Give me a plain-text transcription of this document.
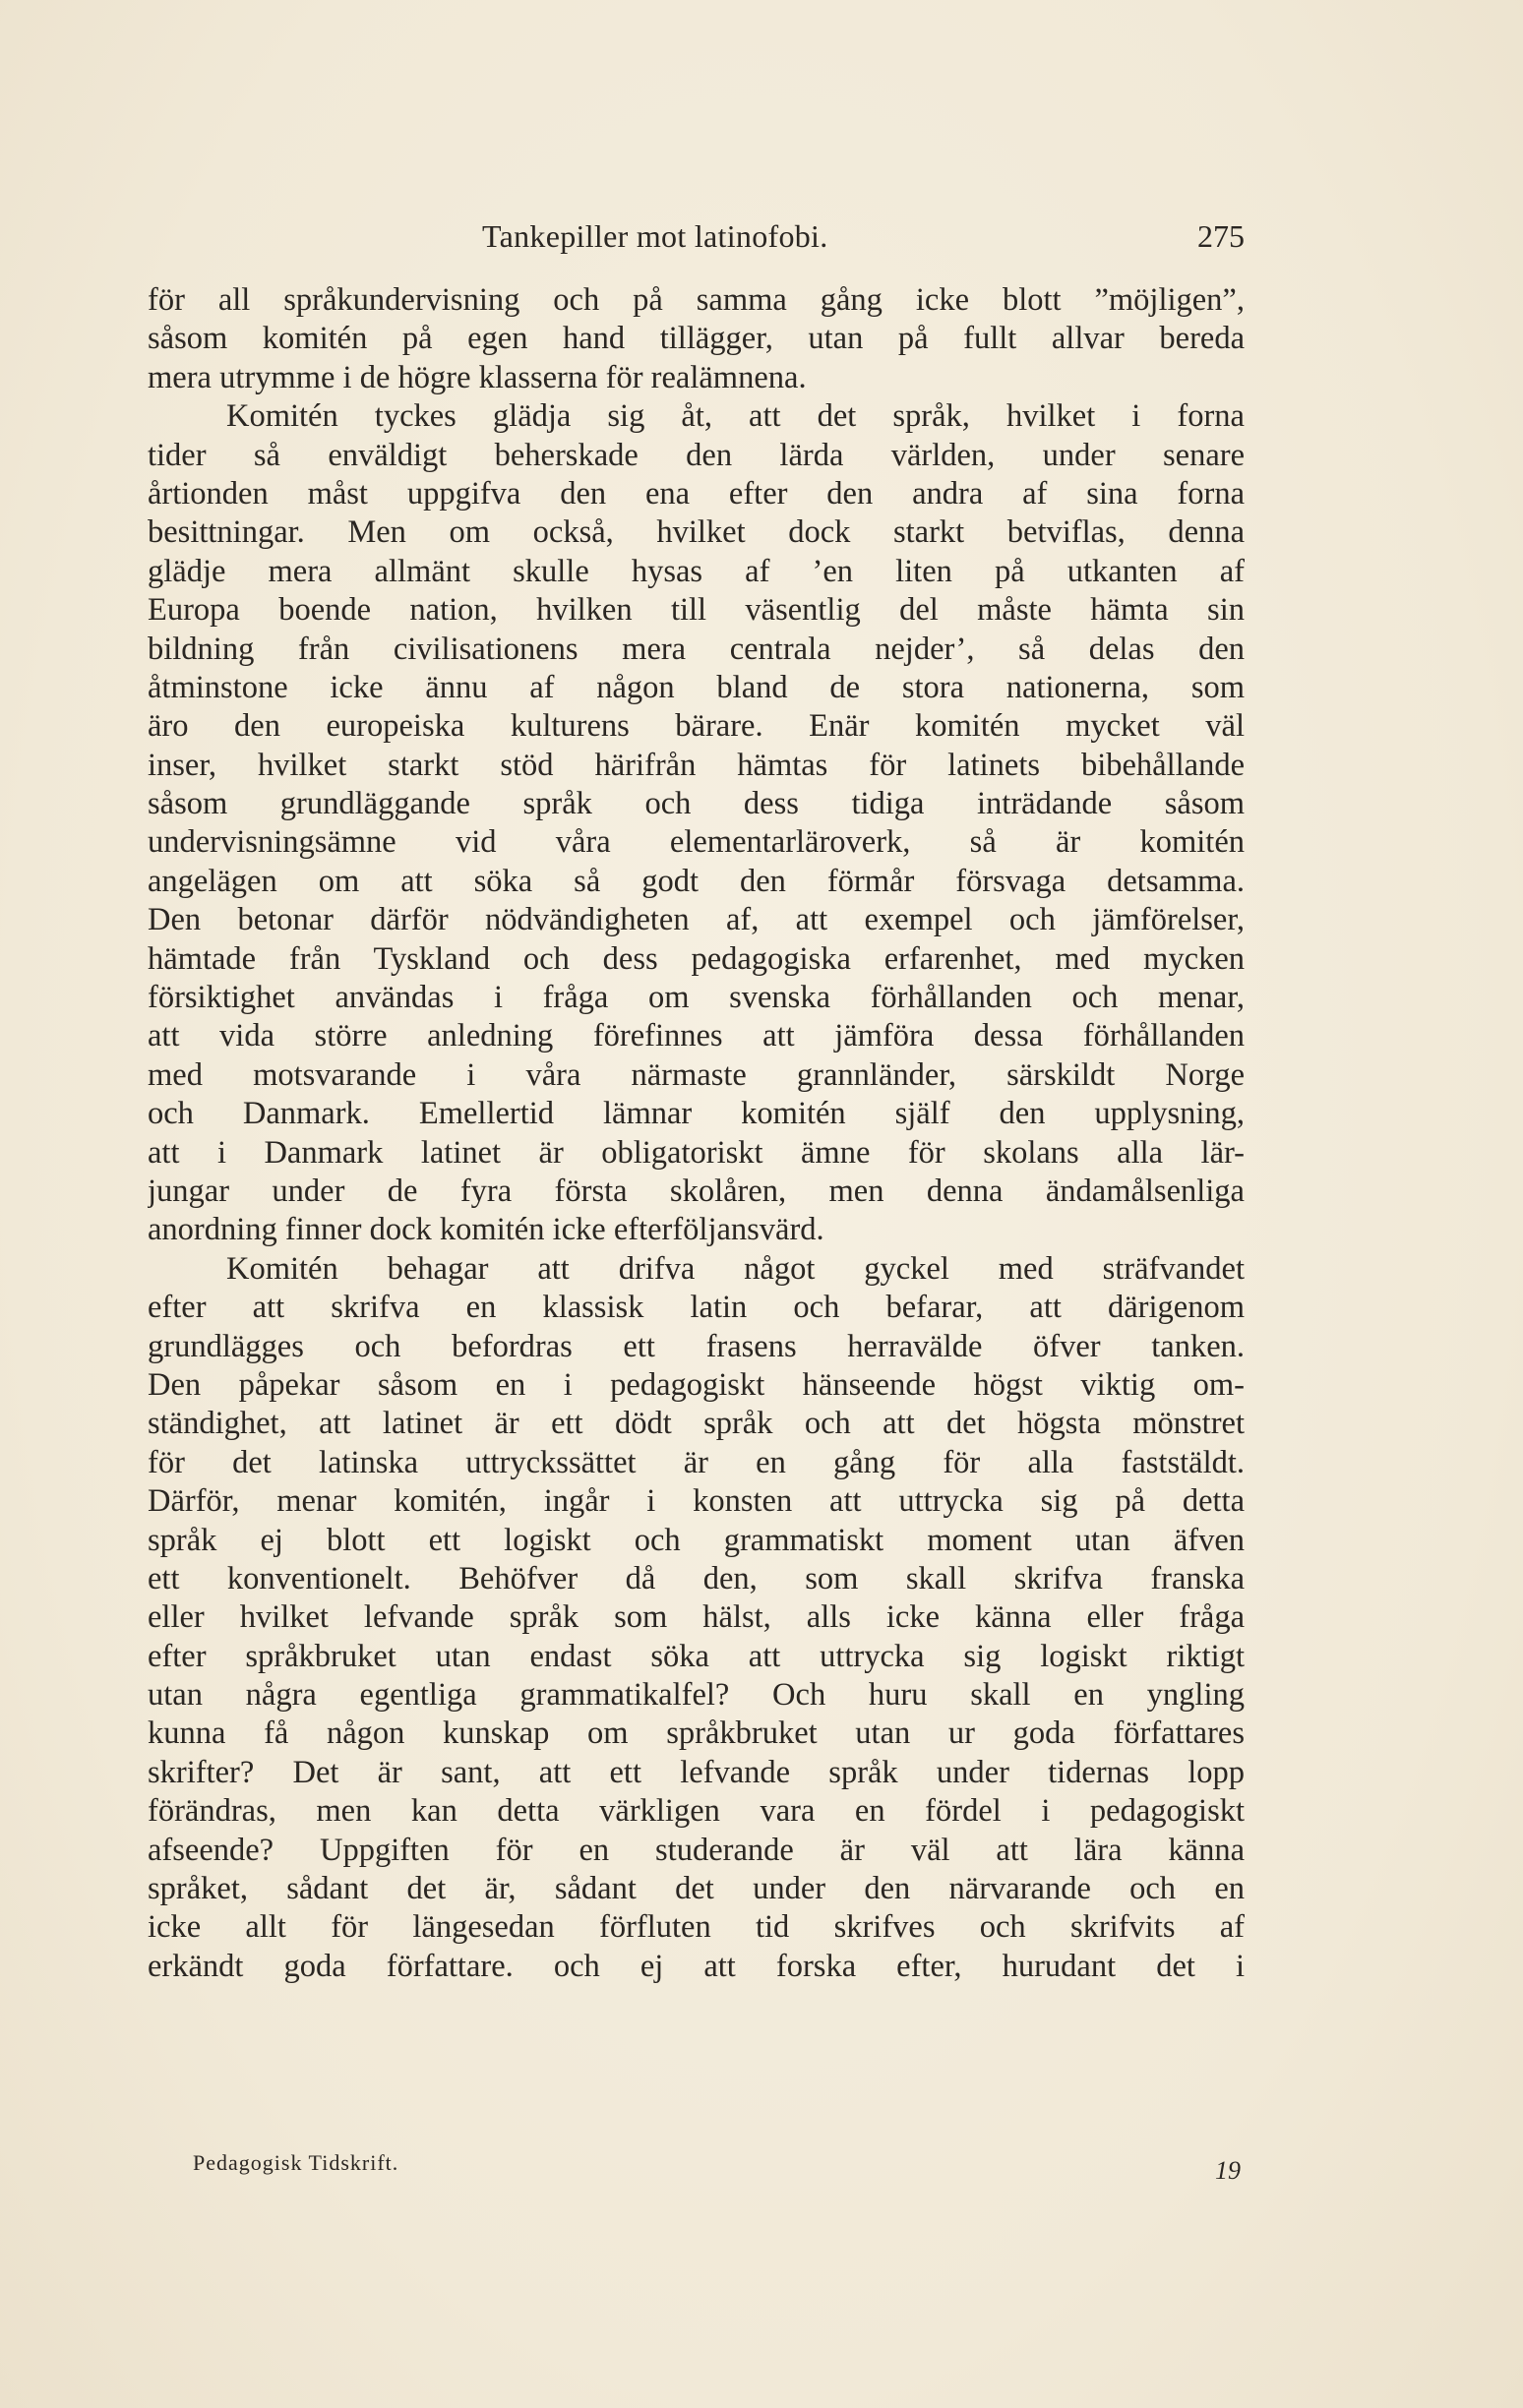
Tankepiller mot latinofobi.	275
för all språkundervisning och på samma gång icke blott ”möjligen”,
såsom komitén på egen hand tillägger, utan på fullt allvar bereda
mera utrymme i de högre klasserna för realämnena.
Komitén tyckes glädja sig åt, att det språk, hvilket i forna
tider så enväldigt beherskade den lärda världen, under senare
årtionden måst uppgifva den ena efter den andra af sina forna
besittningar. Men om också, hvilket dock starkt betviflas, denna
glädje mera allmänt skulle hysas af ’en liten på utkanten af
Europa boende nation, hvilken till väsentlig del måste hämta sin
bildning från civilisationens mera centrala nejder’, så delas den
åtminstone icke ännu af någon bland de stora nationerna, som
äro den europeiska kulturens bärare. Enär komitén mycket väl
inser, hvilket starkt stöd härifrån hämtas för latinets bibehållande
såsom grundläggande språk och dess tidiga inträdande såsom
undervisningsämne vid våra elementarläroverk, så är komitén
angelägen om att söka så godt den förmår försvaga detsamma.
Den betonar därför nödvändigheten af, att exempel och jämförelser,
hämtade från Tyskland och dess pedagogiska erfarenhet, med mycken
försiktighet användas i fråga om svenska förhållanden och menar,
att vida större anledning förefinnes att jämföra dessa förhållanden
med motsvarande i våra närmaste grannländer, särskildt Norge
och Danmark. Emellertid lämnar komitén själf den upplysning,
att i Danmark latinet är obligatoriskt ämne för skolans alla lär-
jungar under de fyra första skolåren, men denna ändamålsenliga
anordning finner dock komitén icke efterföljansvärd.
Komitén behagar att drifva något gyckel med sträfvandet
efter att skrifva en klassisk latin och befarar, att därigenom
grundlägges och befordras ett frasens herravälde öfver tanken.
Den påpekar såsom en i pedagogiskt hänseende högst viktig om-
ständighet, att latinet är ett dödt språk och att det högsta mönstret
för det latinska uttryckssättet är en gång för alla faststäldt.
Därför, menar komitén, ingår i konsten att uttrycka sig på detta
språk ej blott ett logiskt och grammatiskt moment utan äfven
ett konventionelt. Behöfver då den, som skall skrifva franska
eller hvilket lefvande språk som hälst, alls icke känna eller fråga
efter språkbruket utan endast söka att uttrycka sig logiskt riktigt
utan några egentliga grammatikalfel? Och huru skall en yngling
kunna få någon kunskap om språkbruket utan ur goda författares
skrifter? Det är sant, att ett lefvande språk under tidernas lopp
förändras, men kan detta värkligen vara en fördel i pedagogiskt
afseende? Uppgiften för en studerande är väl att lära känna
språket, sådant det är, sådant det under den närvarande och en
icke allt för längesedan förfluten tid skrifves och skrifvits af
erkändt goda författare. och ej att forska efter, hurudant det i
Pedagogisk Tidskrift.	19
